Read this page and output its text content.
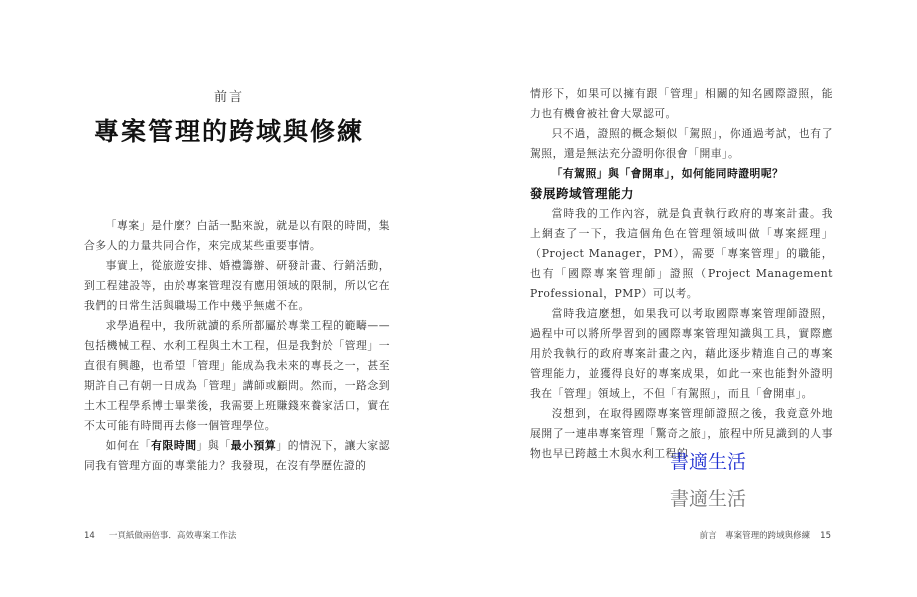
前言
專案管理的跨域與修練

「專案」是什麼？白話一點來說，就是以有限的時間，集合多人的力量共同合作，來完成某些重要事情。

事實上，從旅遊安排、婚禮籌辦、研發計畫、行銷活動，到工程建設等，由於專案管理沒有應用領域的限制，所以它在我們的日常生活與職場工作中幾乎無處不在。

求學過程中，我所就讀的系所都屬於專業工程的範疇——包括機械工程、水利工程與土木工程，但是我對於「管理」一直很有興趣，也希望「管理」能成為我未來的專長之一，甚至期許自己有朝一日成為「管理」講師或顧問。然而，一路念到土木工程學系博士畢業後，我需要上班賺錢來養家活口，實在不太可能有時間再去修一個管理學位。

如何在「有限時間」與「最小預算」的情況下，讓大家認同我有管理方面的專業能力？我發現，在沒有學歷佐證的

14 一頁紙做兩倍事．高效專案工作法

情形下，如果可以擁有跟「管理」相關的知名國際證照，能力也有機會被社會大眾認可。

只不過，證照的概念類似「駕照」，你通過考試，也有了駕照，還是無法充分證明你很會「開車」。

「有駕照」與「會開車」，如何能同時證明呢？

發展跨域管理能力

當時我的工作內容，就是負責執行政府的專案計畫。我上網查了一下，我這個角色在管理領域叫做「專案經理」（Project Manager，PM），需要「專案管理」的職能，也有「國際專案管理師」證照（Project Management Professional，PMP）可以考。

當時我這麼想，如果我可以考取國際專案管理師證照，過程中可以將所學習到的國際專案管理知識與工具，實際應用於我執行的政府專案計畫之內，藉此逐步精進自己的專案管理能力，並獲得良好的專案成果，如此一來也能對外證明我在「管理」領域上，不但「有駕照」，而且「會開車」。

沒想到，在取得國際專案管理師證照之後，我竟意外地展開了一連串專案管理「驚奇之旅」，旅程中所見識到的人事物也早已跨越土木與水利工程的

前言　專案管理的跨域與修練 15
書適生活
書適生活
